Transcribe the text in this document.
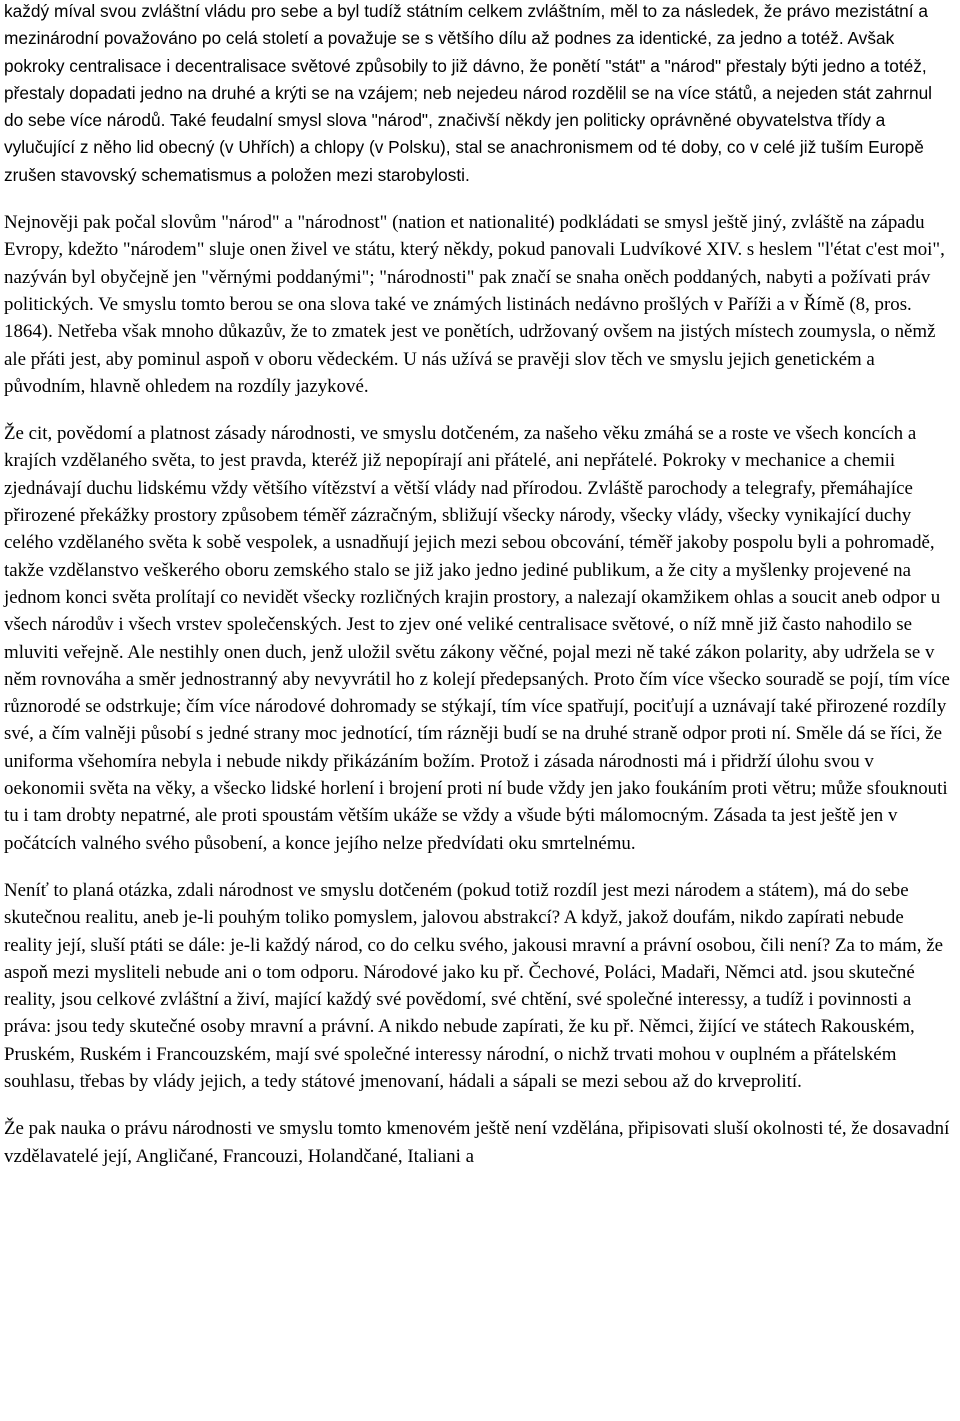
každý míval svou zvláštní vládu pro sebe a byl tudíž státním celkem zvláštním, měl to za následek, že právo mezistátní a mezinárodní považováno po celá století a považuje se s většího dílu až podnes za identické, za jedno a totéž. Avšak pokroky centralisace i decentralisace světové způsobily to již dávno, že ponětí "stát" a "národ" přestaly býti jedno a totéž, přestaly dopadati jedno na druhé a krýti se na vzájem; neb nejedeu národ rozdělil se na více států, a nejeden stát zahrnul do sebe více národů. Také feudalní smysl slova "národ", značivší někdy jen politicky oprávněné obyvatelstva třídy a vylučující z něho lid obecný (v Uhřích) a chlopy (v Polsku), stal se anachronismem od té doby, co v celé již tuším Europě zrušen stavovský schematismus a položen mezi starobylosti.

Nejnověji pak počal slovům "národ" a "národnost" (nation et nationalité) podkládati se smysl ještě jiný, zvláště na západu Evropy, kdežto "národem" sluje onen živel ve státu, který někdy, pokud panovali Ludvíkové XIV. s heslem "l'état c'est moi", nazýván byl obyčejně jen "věrnými poddanými"; "národnosti" pak značí se snaha oněch poddaných, nabyti a požívati práv politických. Ve smyslu tomto berou se ona slova také ve známých listinách nedávno prošlých v Paříži a v Římě (8, pros. 1864). Netřeba však mnoho důkazův, že to zmatek jest ve ponětích, udržovaný ovšem na jistých místech zoumysla, o němž ale přáti jest, aby pominul aspoň v oboru vědeckém. U nás užívá se pravěji slov těch ve smyslu jejich genetickém a původním, hlavně ohledem na rozdíly jazykové.

Že cit, povědomí a platnost zásady národnosti, ve smyslu dotčeném, za našeho věku zmáhá se a roste ve všech koncích a krajích vzdělaného světa, to jest pravda, kteréž již nepopírají ani přátelé, ani nepřátelé. Pokroky v mechanice a chemii zjednávají duchu lidskému vždy většího vítězství a větší vlády nad přírodou. Zvláště parochody a telegrafy, přemáhajíce přirozené překážky prostory způsobem téměř zázračným, sbližují všecky národy, všecky vlády, všecky vynikající duchy celého vzdělaného světa k sobě vespolek, a usnadňují jejich mezi sebou obcování, téměř jakoby pospolu byli a pohromadě, takže vzdělanstvo veškerého oboru zemského stalo se již jako jedno jediné publikum, a že city a myšlenky projevené na jednom konci světa prolítají co nevidět všecky rozličných krajin prostory, a nalezají okamžikem ohlas a soucit aneb odpor u všech národův i všech vrstev společenských. Jest to zjev oné veliké centralisace světové, o níž mně již často nahodilo se mluviti veřejně. Ale nestihly onen duch, jenž uložil světu zákony věčné, pojal mezi ně také zákon polarity, aby udržela se v něm rovnováha a směr jednostranný aby nevyvrátil ho z kolejí předepsaných. Proto čím více všecko souradě se pojí, tím více různorodé se odstrkuje; čím více národové dohromady se stýkají, tím více spatřují, pociťují a uznávají také přirozené rozdíly své, a čím valněji působí s jedné strany moc jednotící, tím rázněji budí se na druhé straně odpor proti ní. Směle dá se říci, že uniforma všehomíra nebyla i nebude nikdy přikázáním božím. Protož i zásada národnosti má i přidrží úlohu svou v oekonomii světa na věky, a všecko lidské horlení i brojení proti ní bude vždy jen jako foukáním proti větru; může sfouknouti tu i tam drobty nepatrné, ale proti spoustám větším ukáže se vždy a všude býti málomocným. Zásada ta jest ještě jen v počátcích valného svého působení, a konce jejího nelze předvídati oku smrtelnému.

Neníť to planá otázka, zdali národnost ve smyslu dotčeném (pokud totiž rozdíl jest mezi národem a státem), má do sebe skutečnou realitu, aneb je-li pouhým toliko pomyslem, jalovou abstrakcí? A když, jakož doufám, nikdo zapírati nebude reality její, sluší ptáti se dále: je-li každý národ, co do celku svého, jakousi mravní a právní osobou, čili není? Za to mám, že aspoň mezi mysliteli nebude ani o tom odporu. Národové jako ku př. Čechové, Poláci, Madaři, Němci atd. jsou skutečné reality, jsou celkové zvláštní a živí, mající každý své povědomí, své chtění, své společné interessy, a tudíž i povinnosti a práva: jsou tedy skutečné osoby mravní a právní. A nikdo nebude zapírati, že ku př. Němci, žijící ve státech Rakouském, Pruském, Ruském i Francouzském, mají své společné interessy národní, o nichž trvati mohou v ouplném a přátelském souhlasu, třebas by vlády jejich, a tedy státové jmenovaní, hádali a sápali se mezi sebou až do krveprolití.

Že pak nauka o právu národnosti ve smyslu tomto kmenovém ještě není vzdělána, připisovati sluší okolnosti té, že dosavadní vzdělavatelé její, Angličané, Francouzi, Holandčané, Italiani a
